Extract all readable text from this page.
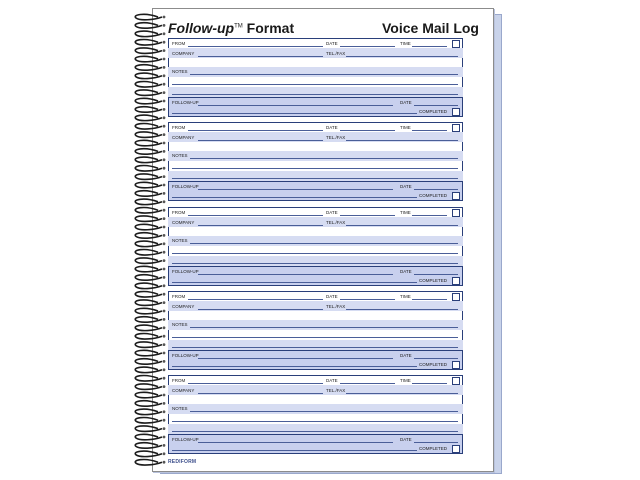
Follow-up™ Format	Voice Mail Log
FROM	DATE	TIME
COMPANY	TEL./FAX
NOTES
FOLLOW-UP	DATE
COMPLETED
FROM	DATE	TIME
COMPANY	TEL./FAX
NOTES
FOLLOW-UP	DATE
COMPLETED
FROM	DATE	TIME
COMPANY	TEL./FAX
NOTES
FOLLOW-UP	DATE
COMPLETED
FROM	DATE	TIME
COMPANY	TEL./FAX
NOTES
FOLLOW-UP	DATE
COMPLETED
FROM	DATE	TIME
COMPANY	TEL./FAX
NOTES
FOLLOW-UP	DATE
COMPLETED
REDIFORM
